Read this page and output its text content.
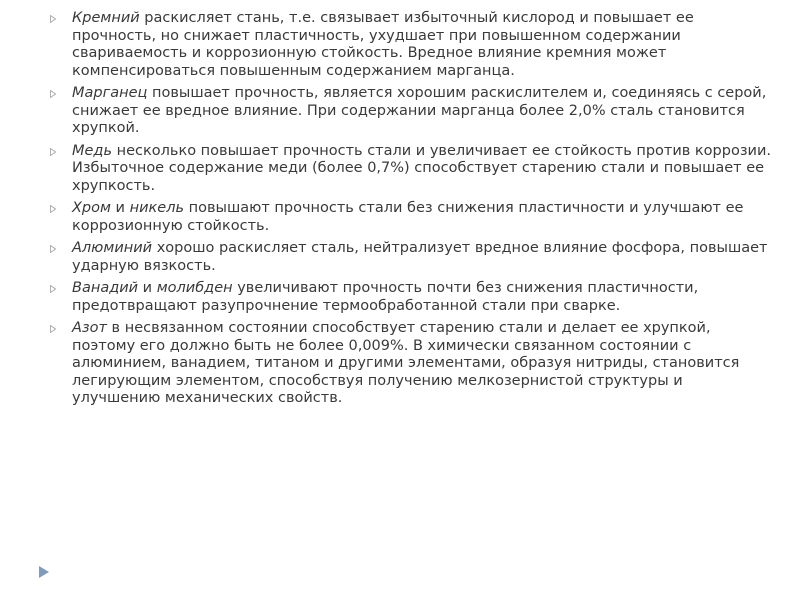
Кремний раскисляет стань, т.е. связывает избыточный кислород и повышает ее прочность, но снижает пластичность, ухудшает при повышенном содержании свариваемость и коррозионную стойкость. Вредное влияние кремния может компенсироваться повышенным содержанием марганца.
Марганец повышает прочность, является хорошим раскислителем и, соединяясь с серой, снижает ее вредное влияние. При содержании марганца более 2,0% сталь становится хрупкой.
Медь несколько повышает прочность стали и увеличивает ее стойкость против коррозии. Избыточное содержание меди (более 0,7%) способствует старению стали и повышает ее хрупкость.
Хром и никель повышают прочность стали без снижения пластичности и улучшают ее коррозионную стойкость.
Алюминий хорошо раскисляет сталь, нейтрализует вредное влияние фосфора, повышает ударную вязкость.
Ванадий и молибден увеличивают прочность почти без снижения пластичности, предотвращают разупрочнение термообработанной стали при сварке.
Азот в несвязанном состоянии способствует старению стали и делает ее хрупкой, поэтому его должно быть не более 0,009%. В химически связанном состоянии с алюминием, ванадием, титаном и другими элементами, образуя нитриды, становится легирующим элементом, способствуя получению мелкозернистой структуры и улучшению механических свойств.
